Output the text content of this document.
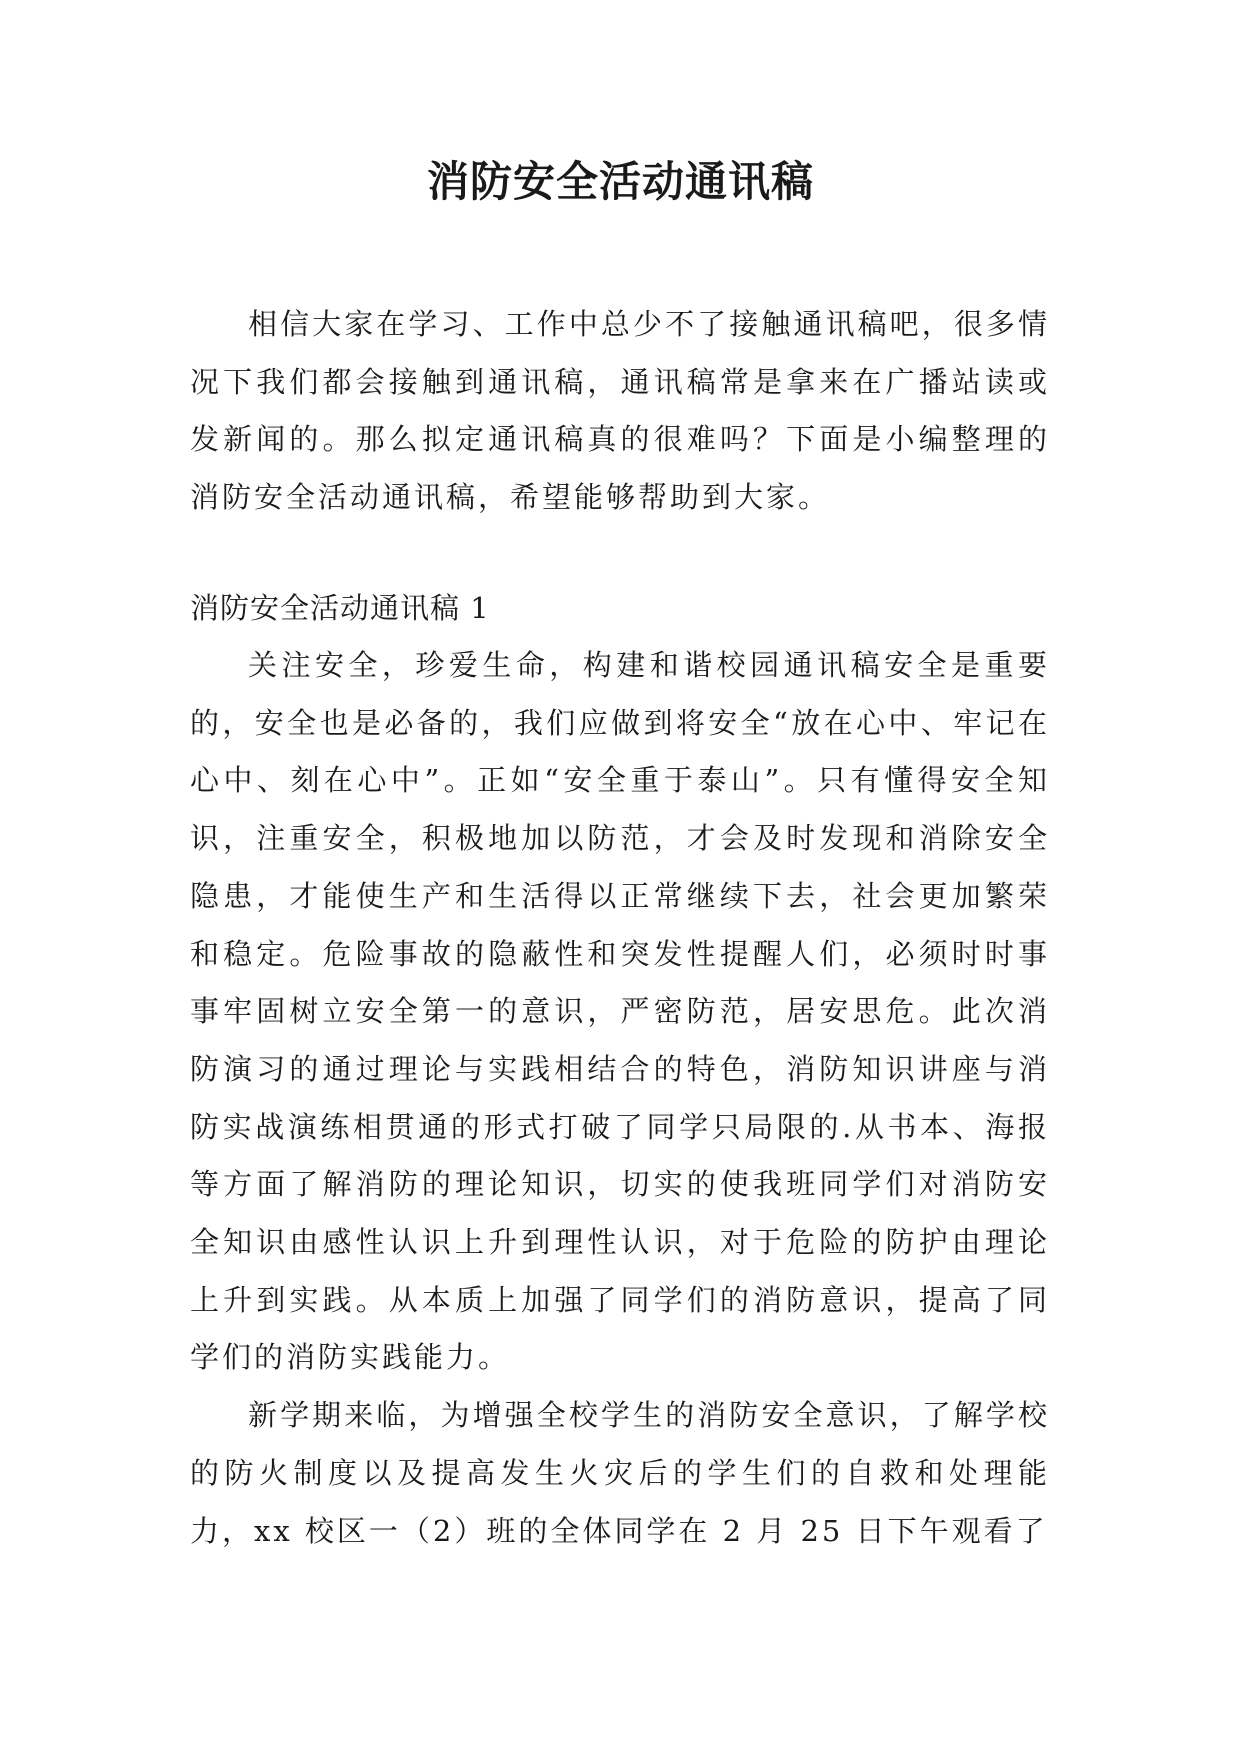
消防安全活动通讯稿

相信大家在学习、工作中总少不了接触通讯稿吧，很多情况下我们都会接触到通讯稿，通讯稿常是拿来在广播站读或发新闻的。那么拟定通讯稿真的很难吗？下面是小编整理的消防安全活动通讯稿，希望能够帮助到大家。

消防安全活动通讯稿 1

关注安全，珍爱生命，构建和谐校园通讯稿安全是重要的，安全也是必备的，我们应做到将安全“放在心中、牢记在心中、刻在心中”。正如“安全重于泰山”。只有懂得安全知识，注重安全，积极地加以防范，才会及时发现和消除安全隐患，才能使生产和生活得以正常继续下去，社会更加繁荣和稳定。危险事故的隐蔽性和突发性提醒人们，必须时时事事牢固树立安全第一的意识，严密防范，居安思危。此次消防演习的通过理论与实践相结合的特色，消防知识讲座与消防实战演练相贯通的形式打破了同学只局限的.从书本、海报等方面了解消防的理论知识，切实的使我班同学们对消防安全知识由感性认识上升到理性认识，对于危险的防护由理论上升到实践。从本质上加强了同学们的消防意识，提高了同学们的消防实践能力。

新学期来临，为增强全校学生的消防安全意识，了解学校的防火制度以及提高发生火灾后的学生们的自救和处理能力，xx 校区一（2）班的全体同学在 2 月 25 日下午观看了
